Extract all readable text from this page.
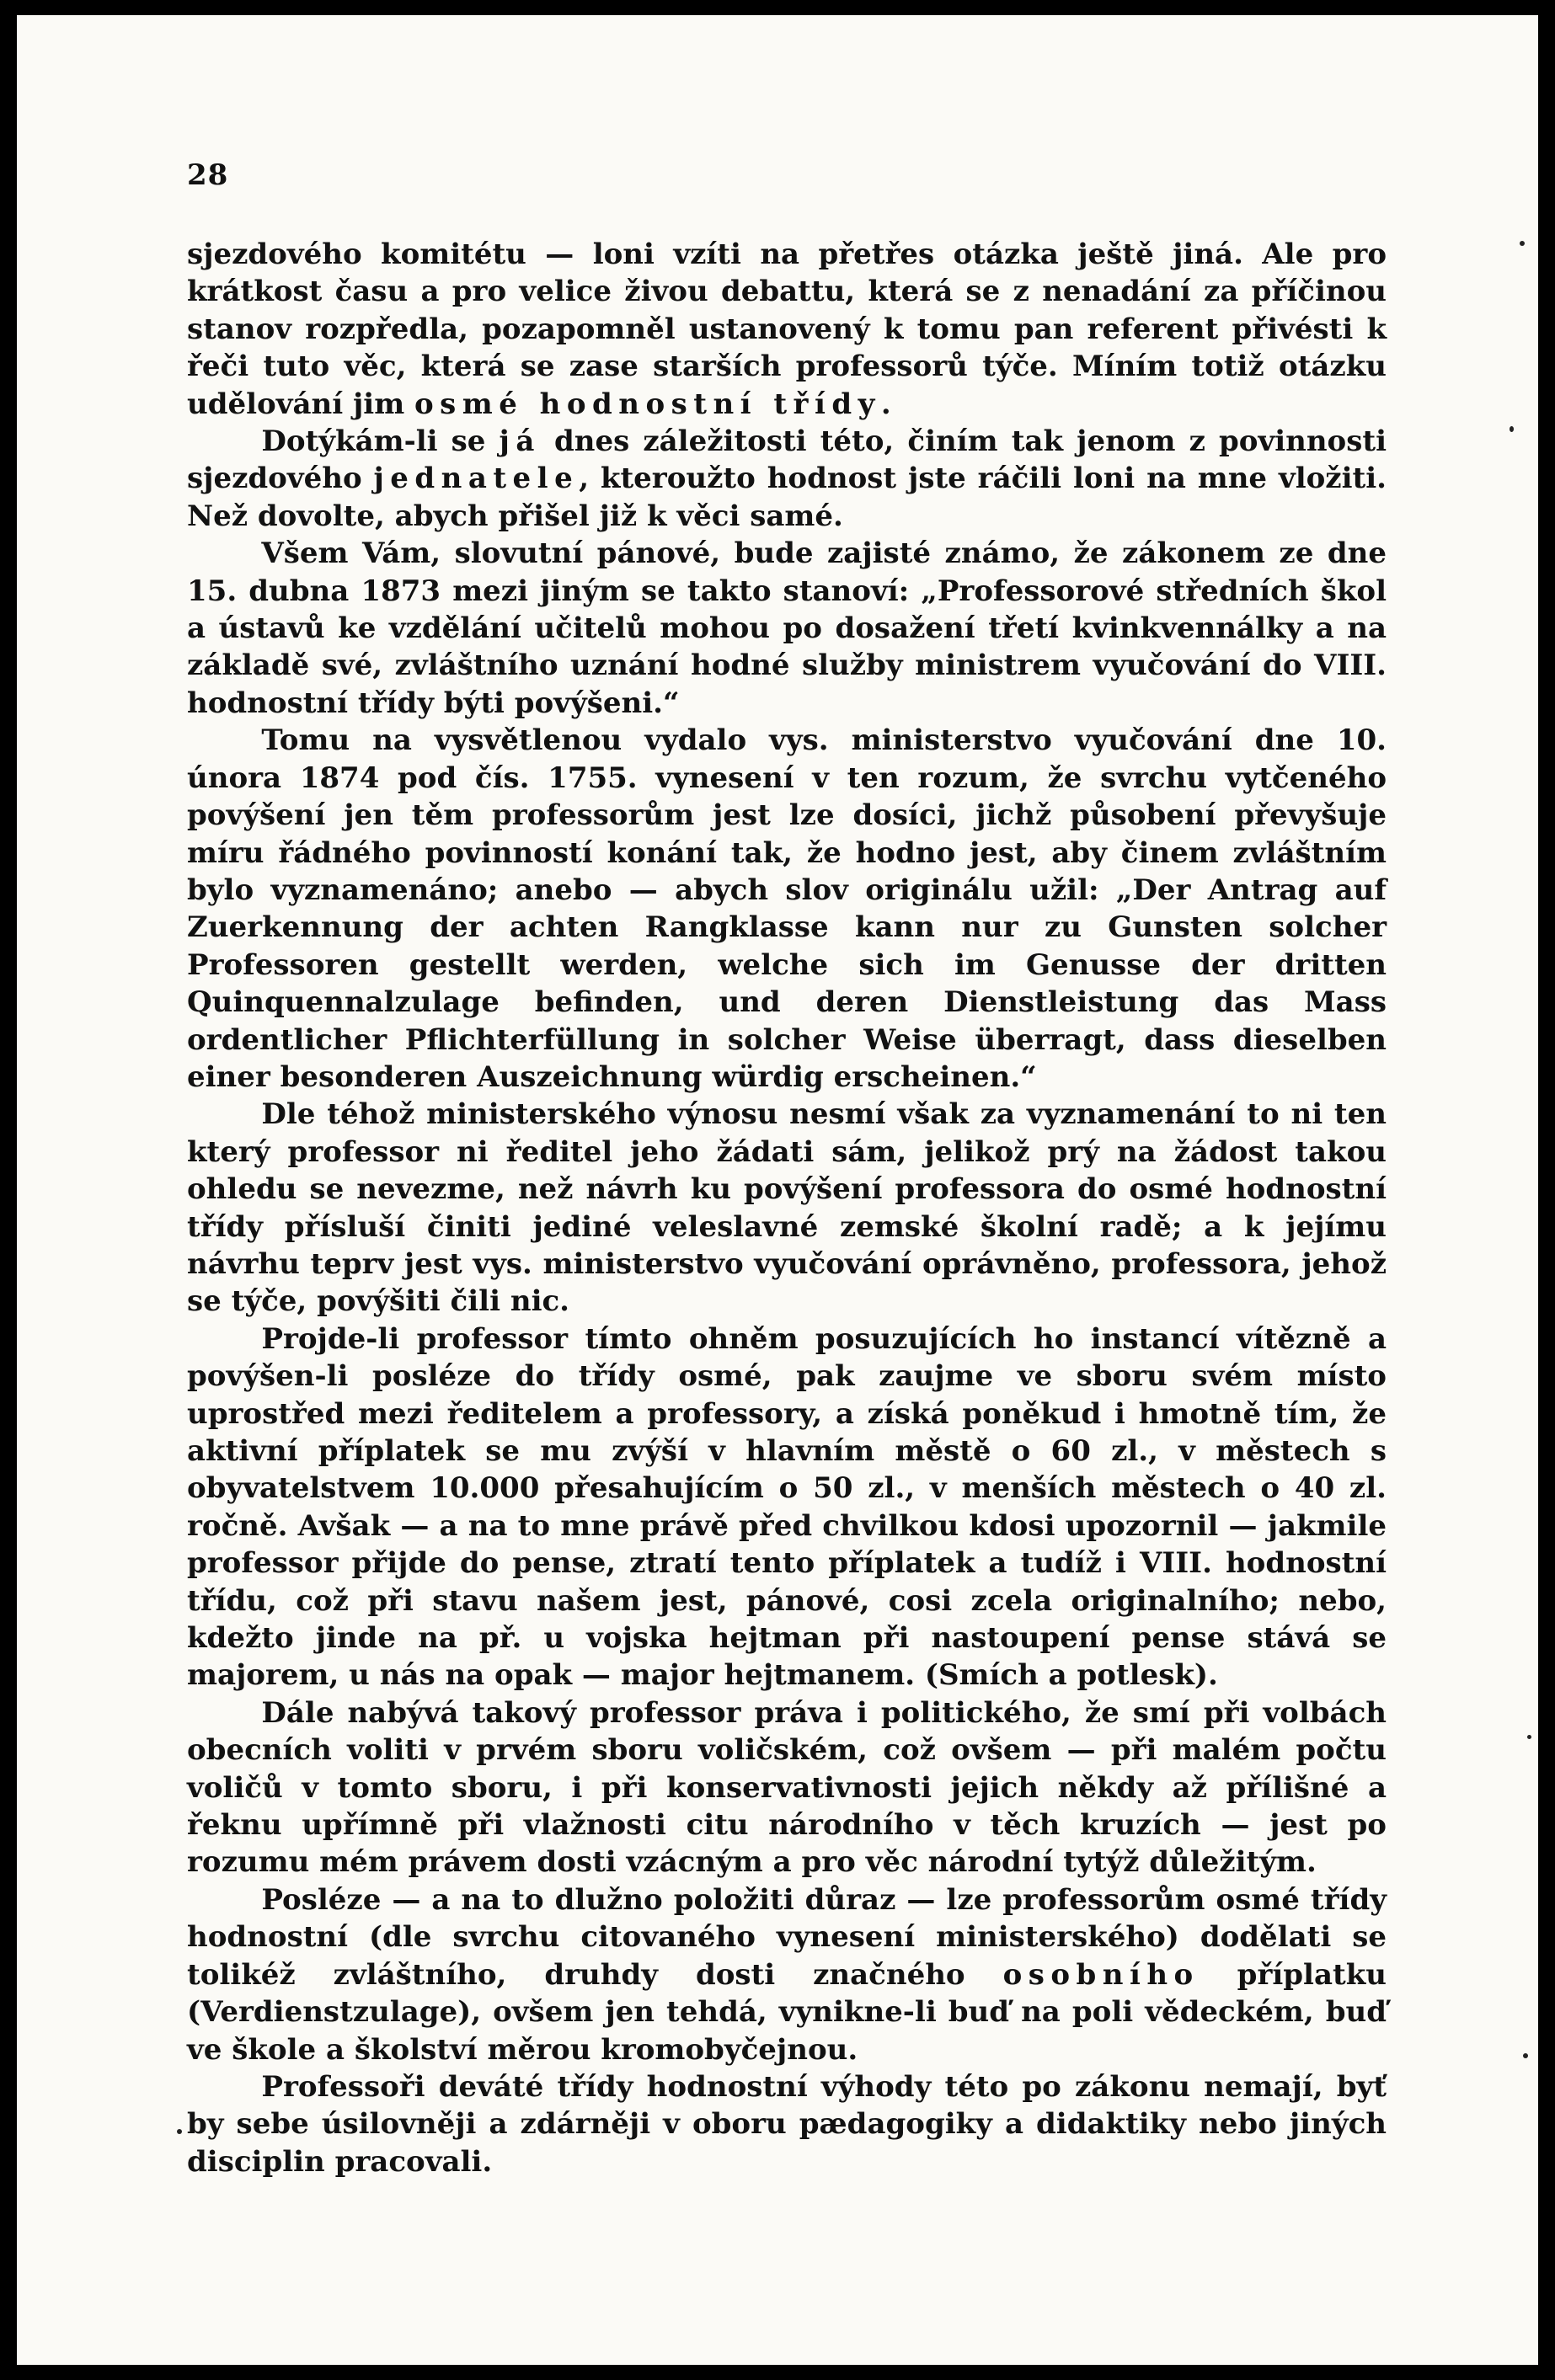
28

sjezdového komitétu — loni vzíti na přetřes otázka ještě jiná. Ale pro krátkost času a pro velice živou debattu, která se z nenadání za příčinou stanov rozpředla, pozapomněl ustanovený k tomu pan referent přivésti k řeči tuto věc, která se zase starších professorů týče. Míním totiž otázku udělování jim osmé hodnostní třídy.

Dotýkám-li se já dnes záležitosti této, činím tak jenom z povinnosti sjezdového jednatele, kteroužto hodnost jste ráčili loni na mne vložiti. Než dovolte, abych přišel již k věci samé.

Všem Vám, slovutní pánové, bude zajisté známo, že zákonem ze dne 15. dubna 1873 mezi jiným se takto stanoví: „Professorové středních škol a ústavů ke vzdělání učitelů mohou po dosažení třetí kvinkvennálky a na základě své, zvláštního uznání hodné služby ministrem vyučování do VIII. hodnostní třídy býti povýšeni.“

Tomu na vysvětlenou vydalo vys. ministerstvo vyučování dne 10. února 1874 pod čís. 1755. vynesení v ten rozum, že svrchu vytčeného povýšení jen těm professorům jest lze dosíci, jichž působení převyšuje míru řádného povinností konání tak, že hodno jest, aby činem zvláštním bylo vyznamenáno; anebo — abych slov originálu užil: „Der Antrag auf Zuerkennung der achten Rangklasse kann nur zu Gunsten solcher Professoren gestellt werden, welche sich im Genusse der dritten Quinquennalzulage befinden, und deren Dienstleistung das Mass ordentlicher Pflichterfüllung in solcher Weise überragt, dass dieselben einer besonderen Auszeichnung würdig erscheinen.“

Dle téhož ministerského výnosu nesmí však za vyznamenání to ni ten který professor ni ředitel jeho žádati sám, jelikož prý na žádost takou ohledu se nevezme, než návrh ku povýšení professora do osmé hodnostní třídy přísluší činiti jediné veleslavné zemské školní radě; a k jejímu návrhu teprv jest vys. ministerstvo vyučování oprávněno, professora, jehož se týče, povýšiti čili nic.

Projde-li professor tímto ohněm posuzujících ho instancí vítězně a povýšen-li posléze do třídy osmé, pak zaujme ve sboru svém místo uprostřed mezi ředitelem a professory, a získá poněkud i hmotně tím, že aktivní příplatek se mu zvýší v hlavním městě o 60 zl., v městech s obyvatelstvem 10.000 přesahujícím o 50 zl., v menších městech o 40 zl. ročně. Avšak — a na to mne právě před chvilkou kdosi upozornil — jakmile professor přijde do pense, ztratí tento příplatek a tudíž i VIII. hodnostní třídu, což při stavu našem jest, pánové, cosi zcela originalního; nebo, kdežto jinde na př. u vojska hejtman při nastoupení pense stává se majorem, u nás na opak — major hejtmanem. (Smích a potlesk).

Dále nabývá takový professor práva i politického, že smí při volbách obecních voliti v prvém sboru voličském, což ovšem — při malém počtu voličů v tomto sboru, i při konservativnosti jejich někdy až přílišné a řeknu upřímně při vlažnosti citu národního v těch kruzích — jest po rozumu mém právem dosti vzácným a pro věc národní tytýž důležitým.

Posléze — a na to dlužno položiti důraz — lze professorům osmé třídy hodnostní (dle svrchu citovaného vynesení ministerského) dodělati se tolikéž zvláštního, druhdy dosti značného osobního příplatku (Verdienstzulage), ovšem jen tehdá, vynikne-li buď na poli vědeckém, buď ve škole a školství měrou kromobyčejnou.

Professoři deváté třídy hodnostní výhody této po zákonu nemají, byť by sebe úsilovněji a zdárněji v oboru pædagogiky a didaktiky nebo jiných disciplin pracovali.
